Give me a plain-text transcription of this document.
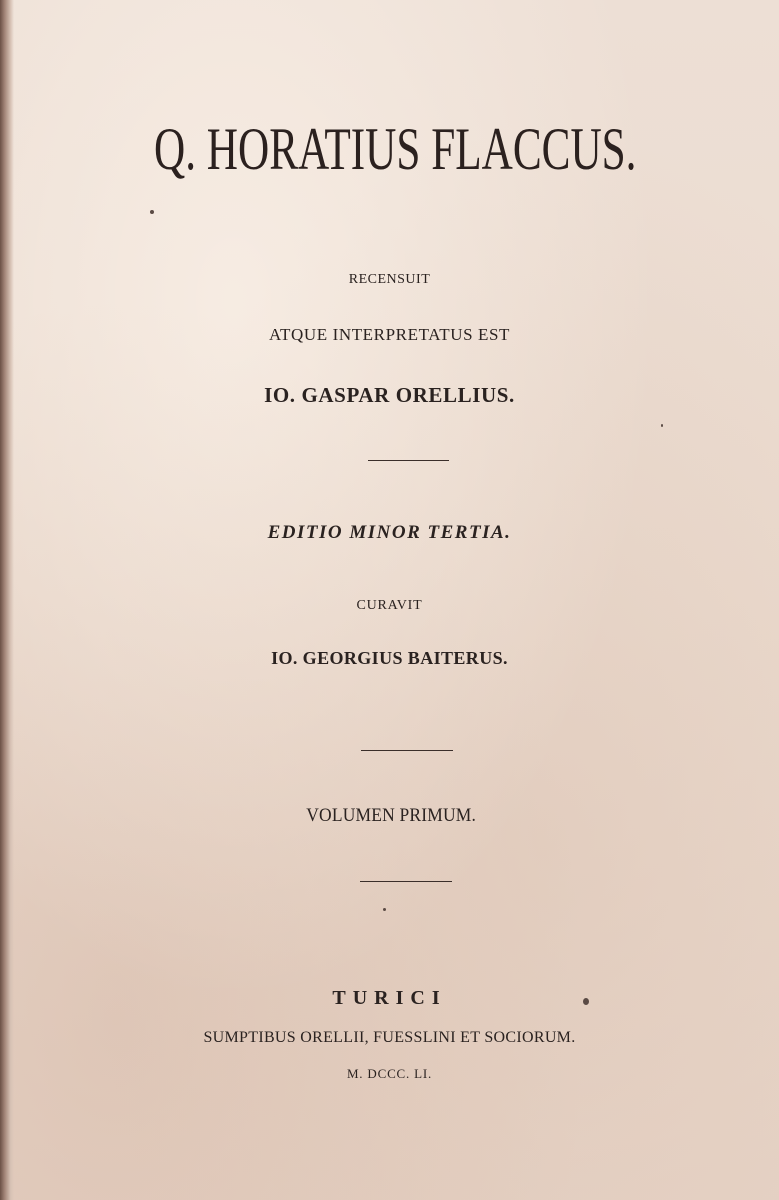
Q. HORATIUS FLACCUS.
RECENSUIT
ATQUE INTERPRETATUS EST
IO. GASPAR ORELLIUS.
EDITIO MINOR TERTIA.
CURAVIT
IO. GEORGIUS BAITERUS.
VOLUMEN PRIMUM.
TURICI
SUMPTIBUS ORELLII, FUESSLINI ET SOCIORUM.
M. DCCC. LI.
